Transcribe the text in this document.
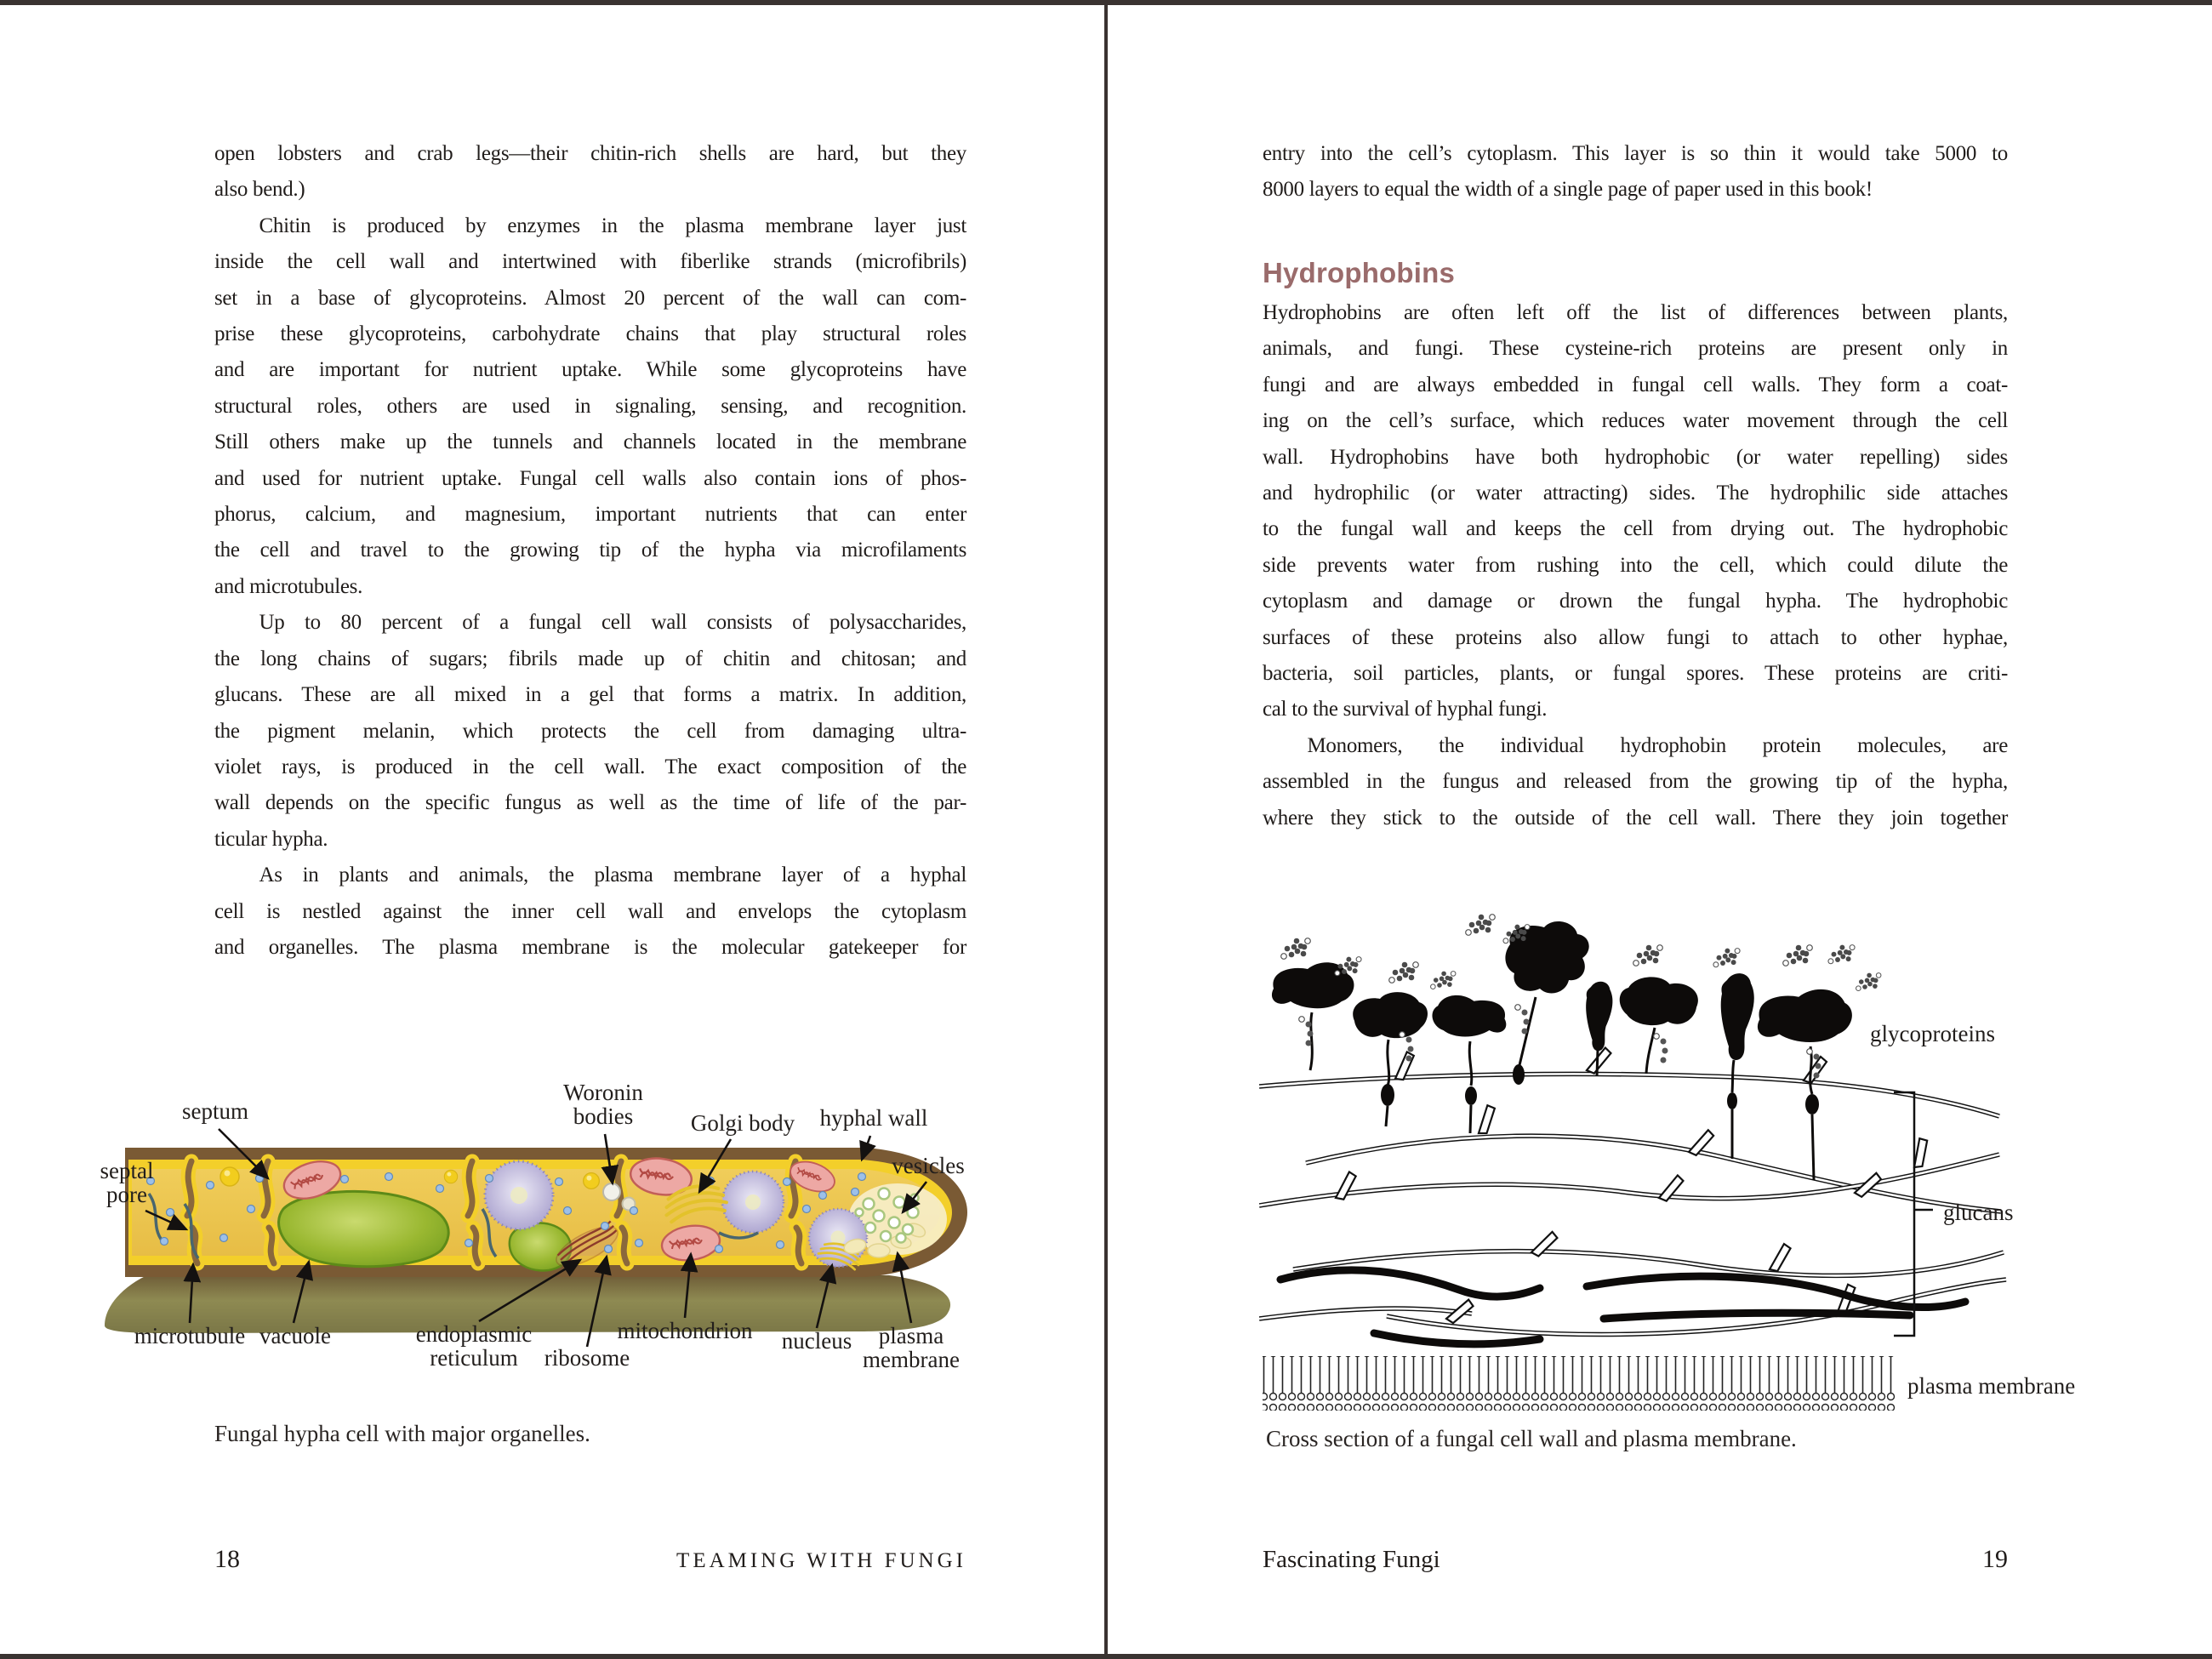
open lobsters and crab legs—their chitin-rich shells are hard, but they
also bend.)
Chitin is produced by enzymes in the plasma membrane layer just
inside the cell wall and intertwined with fiberlike strands (microfibrils)
set in a base of glycoproteins. Almost 20 percent of the wall can com-
prise these glycoproteins, carbohydrate chains that play structural roles
and are important for nutrient uptake. While some glycoproteins have
structural roles, others are used in signaling, sensing, and recognition.
Still others make up the tunnels and channels located in the membrane
and used for nutrient uptake. Fungal cell walls also contain ions of phos-
phorus, calcium, and magnesium, important nutrients that can enter
the cell and travel to the growing tip of the hypha via microfilaments
and microtubules.
Up to 80 percent of a fungal cell wall consists of polysaccharides,
the long chains of sugars; fibrils made up of chitin and chitosan; and
glucans. These are all mixed in a gel that forms a matrix. In addition,
the pigment melanin, which protects the cell from damaging ultra-
violet rays, is produced in the cell wall. The exact composition of the
wall depends on the specific fungus as well as the time of life of the par-
ticular hypha.
As in plants and animals, the plasma membrane layer of a hyphal
cell is nestled against the inner cell wall and envelops the cytoplasm
and organelles. The plasma membrane is the molecular gatekeeper for
septum
septal
pore
Woronin
bodies	Golgi body hyphal wall
vesicles
microtubule vacuole	endoplasmic
reticulum ribosome
mitochondrion nucleus plasma
membrane
Fungal hypha cell with major organelles.
18	TEAMING WITH FUNGI
entry into the cell’s cytoplasm. This layer is so thin it would take 5000 to
8000 layers to equal the width of a single page of paper used in this book!
Hydrophobins
Hydrophobins are often left off the list of differences between plants,
animals, and fungi. These cysteine-rich proteins are present only in
fungi and are always embedded in fungal cell walls. They form a coat-
ing on the cell’s surface, which reduces water movement through the cell
wall. Hydrophobins have both hydrophobic (or water repelling) sides
and hydrophilic (or water attracting) sides. The hydrophilic side attaches
to the fungal wall and keeps the cell from drying out. The hydrophobic
side prevents water from rushing into the cell, which could dilute the
cytoplasm and damage or drown the fungal hypha. The hydrophobic
surfaces of these proteins also allow fungi to attach to other hyphae,
bacteria, soil particles, plants, or fungal spores. These proteins are criti-
cal to the survival of hyphal fungi.
Monomers, the individual hydrophobin protein molecules, are
assembled in the fungus and released from the growing tip of the hypha,
where they stick to the outside of the cell wall. There they join together
glycoproteins
glucans
plasma membrane
Cross section of a fungal cell wall and plasma membrane.
Fascinating Fungi	19
